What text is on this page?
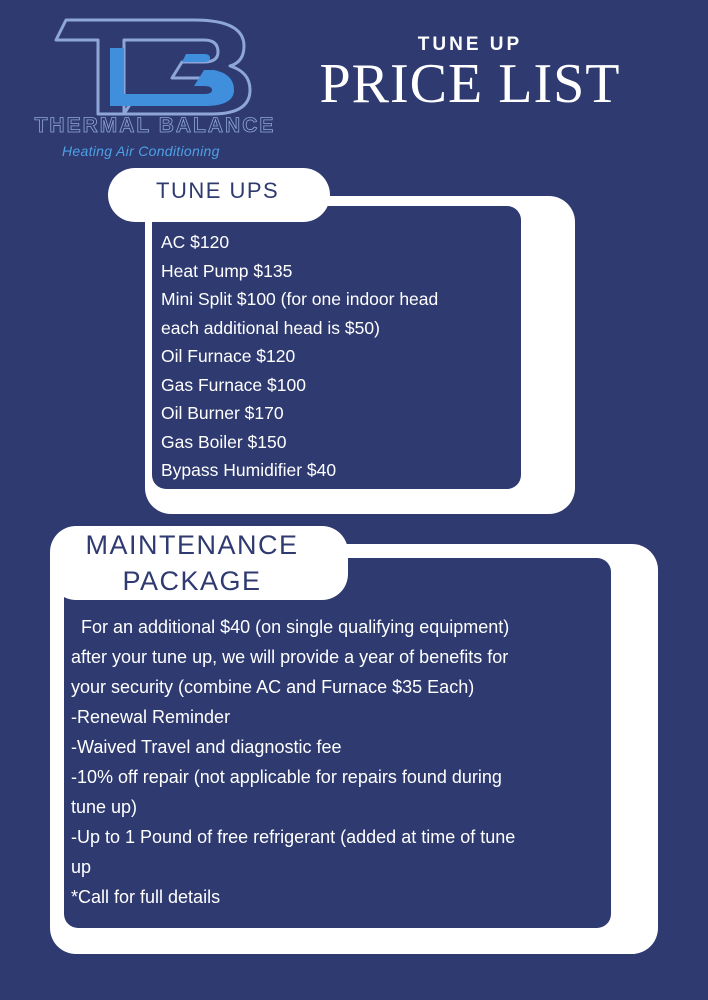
THERMAL BALANCE
Heating Air Conditioning
TUNE UP
PRICE LIST
TUNE UPS
AC $120
Heat Pump $135
Mini Split $100 (for one indoor head
each additional head is $50)
Oil Furnace $120
Gas Furnace $100
Oil Burner $170
Gas Boiler $150
Bypass Humidifier $40
MAINTENANCE
PACKAGE

For an additional $40 (on single qualifying equipment)

after your tune up, we will provide a year of benefits for

your security (combine AC and Furnace $35 Each)

-Renewal Reminder

-Waived Travel and diagnostic fee

-10% off repair (not applicable for repairs found during

tune up)

-Up to 1 Pound of free refrigerant (added at time of tune

up

*Call for full details
